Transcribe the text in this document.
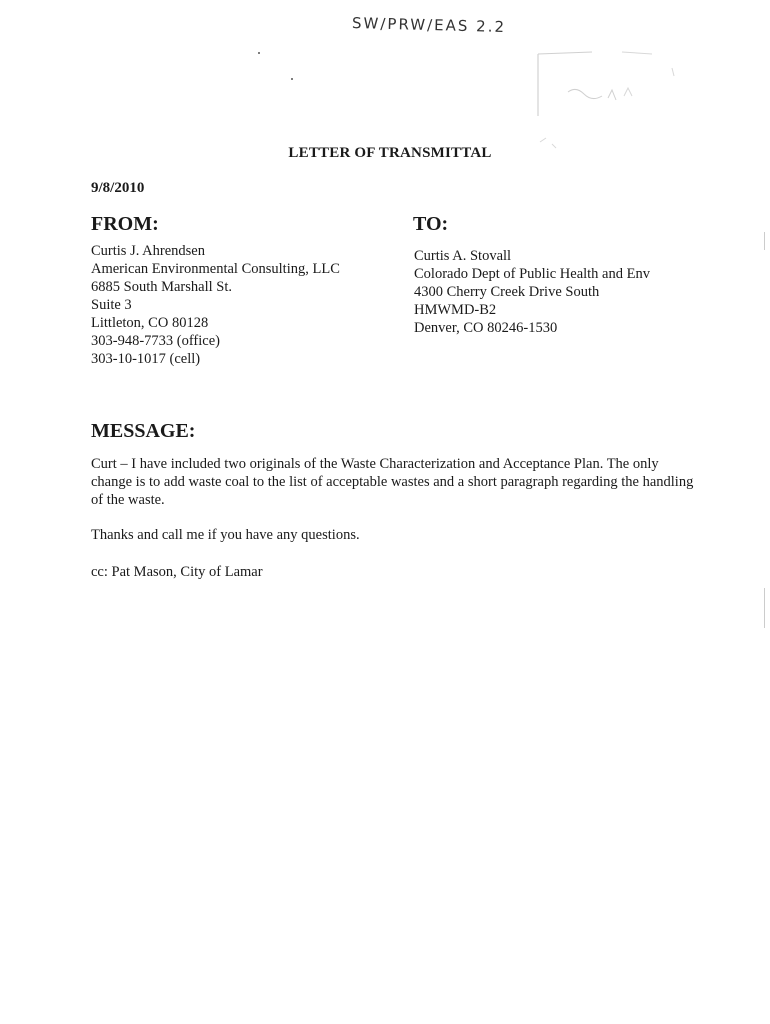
SW/PRW/EAS 2.2
LETTER OF TRANSMITTAL
9/8/2010
FROM:	TO:
Curtis J. Ahrendsen
American Environmental Consulting, LLC
6885 South Marshall St.
Suite 3
Littleton, CO 80128
303-948-7733 (office)
303-10-1017 (cell)
Curtis A. Stovall
Colorado Dept of Public Health and Env
4300 Cherry Creek Drive South
HMWMD-B2
Denver, CO 80246-1530
MESSAGE:
Curt – I have included two originals of the Waste Characterization and Acceptance Plan. The only change is to add waste coal to the list of acceptable wastes and a short paragraph regarding the handling of the waste.
Thanks and call me if you have any questions.
cc: Pat Mason, City of Lamar
